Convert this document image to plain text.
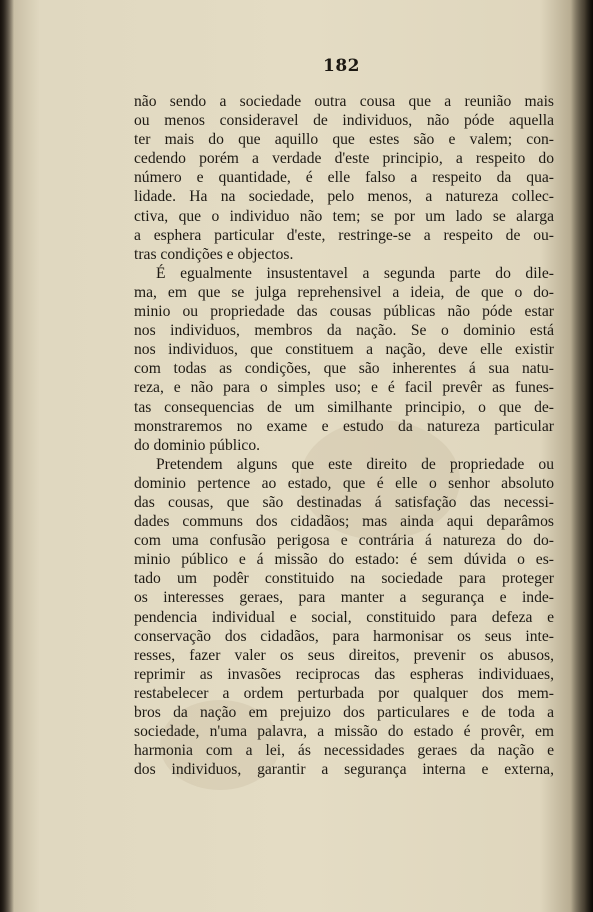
182
não sendo a sociedade outra cousa que a reunião mais
ou menos consideravel de individuos, não póde aquella
ter mais do que aquillo que estes são e valem; con-
cedendo porém a verdade d'este principio, a respeito do
número e quantidade, é elle falso a respeito da qua-
lidade. Ha na sociedade, pelo menos, a natureza collec-
ctiva, que o individuo não tem; se por um lado se alarga
a esphera particular d'este, restringe-se a respeito de ou-
tras condições e objectos.
É egualmente insustentavel a segunda parte do dile-
ma, em que se julga reprehensivel a ideia, de que o do-
minio ou propriedade das cousas públicas não póde estar
nos individuos, membros da nação. Se o dominio está
nos individuos, que constituem a nação, deve elle existir
com todas as condições, que são inherentes á sua natu-
reza, e não para o simples uso; e é facil prevêr as funes-
tas consequencias de um similhante principio, o que de-
monstraremos no exame e estudo da natureza particular
do dominio público.
Pretendem alguns que este direito de propriedade ou
dominio pertence ao estado, que é elle o senhor absoluto
das cousas, que são destinadas á satisfação das necessi-
dades communs dos cidadãos; mas ainda aqui deparâmos
com uma confusão perigosa e contrária á natureza do do-
minio público e á missão do estado: é sem dúvida o es-
tado um podêr constituido na sociedade para proteger
os interesses geraes, para manter a segurança e inde-
pendencia individual e social, constituido para defeza e
conservação dos cidadãos, para harmonisar os seus inte-
resses, fazer valer os seus direitos, prevenir os abusos,
reprimir as invasões reciprocas das espheras individuaes,
restabelecer a ordem perturbada por qualquer dos mem-
bros da nação em prejuizo dos particulares e de toda a
sociedade, n'uma palavra, a missão do estado é provêr, em
harmonia com a lei, ás necessidades geraes da nação e
dos individuos, garantir a segurança interna e externa,
